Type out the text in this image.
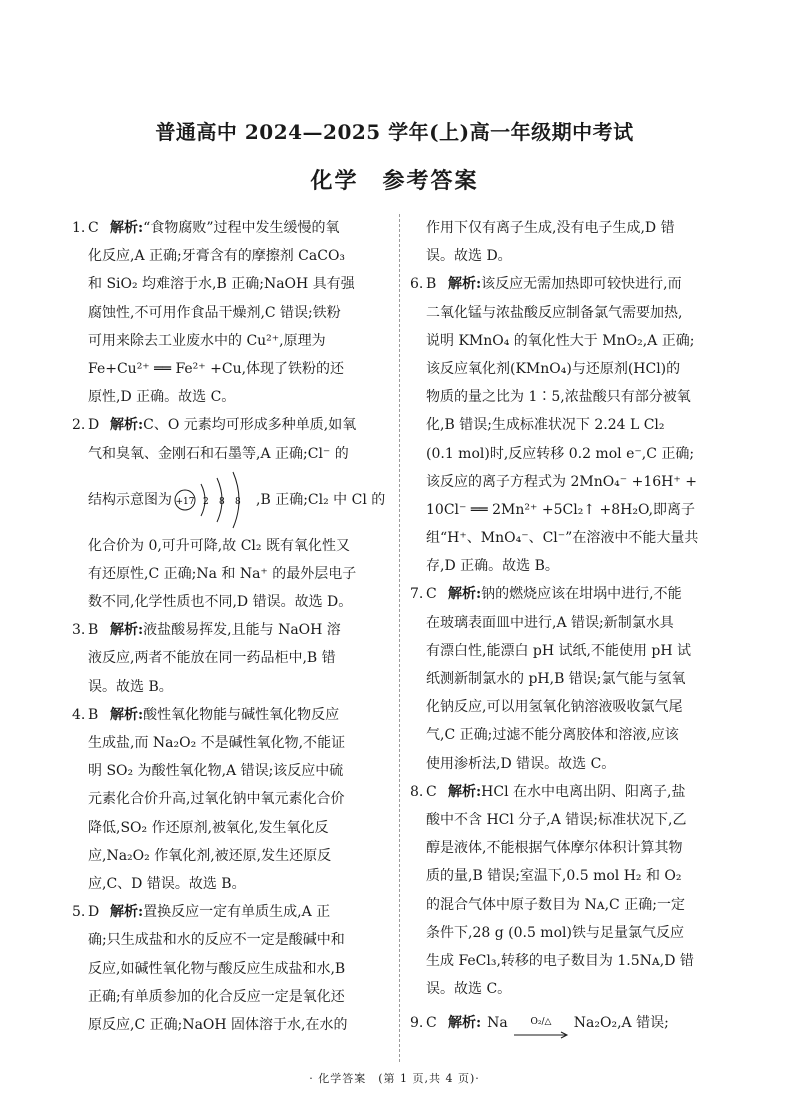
普通高中 2024—2025 学年(上)高一年级期中考试
化学　参考答案
1. C 解析:“食物腐败”过程中发生缓慢的氧
化反应,A 正确;牙膏含有的摩擦剂 CaCO₃
和 SiO₂ 均难溶于水,B 正确;NaOH 具有强
腐蚀性,不可用作食品干燥剂,C 错误;铁粉
可用来除去工业废水中的 Cu²⁺,原理为
Fe+Cu²⁺ ══ Fe²⁺ +Cu,体现了铁粉的还
原性,D 正确。故选 C。
2. D 解析:C、O 元素均可形成多种单质,如氧
气和臭氧、金刚石和石墨等,A 正确;Cl⁻ 的
结构示意图为 +17 2 8 8 ,B 正确;Cl₂ 中 Cl 的
化合价为 0,可升可降,故 Cl₂ 既有氧化性又
有还原性,C 正确;Na 和 Na⁺ 的最外层电子
数不同,化学性质也不同,D 错误。故选 D。
3. B 解析:液盐酸易挥发,且能与 NaOH 溶
液反应,两者不能放在同一药品柜中,B 错
误。故选 B。
4. B 解析:酸性氧化物能与碱性氧化物反应
生成盐,而 Na₂O₂ 不是碱性氧化物,不能证
明 SO₂ 为酸性氧化物,A 错误;该反应中硫
元素化合价升高,过氧化钠中氧元素化合价
降低,SO₂ 作还原剂,被氧化,发生氧化反
应,Na₂O₂ 作氧化剂,被还原,发生还原反
应,C、D 错误。故选 B。
5. D 解析:置换反应一定有单质生成,A 正
确;只生成盐和水的反应不一定是酸碱中和
反应,如碱性氧化物与酸反应生成盐和水,B
正确;有单质参加的化合反应一定是氧化还
原反应,C 正确;NaOH 固体溶于水,在水的
作用下仅有离子生成,没有电子生成,D 错
误。故选 D。
6. B 解析:该反应无需加热即可较快进行,而
二氧化锰与浓盐酸反应制备氯气需要加热,
说明 KMnO₄ 的氧化性大于 MnO₂,A 正确;
该反应氧化剂(KMnO₄)与还原剂(HCl)的
物质的量之比为 1∶5,浓盐酸只有部分被氧
化,B 错误;生成标准状况下 2.24 L Cl₂
(0.1 mol)时,反应转移 0.2 mol e⁻,C 正确;
该反应的离子方程式为 2MnO₄⁻ +16H⁺ +
10Cl⁻ ══ 2Mn²⁺ +5Cl₂↑ +8H₂O,即离子
组“H⁺、MnO₄⁻、Cl⁻”在溶液中不能大量共
存,D 正确。故选 B。
7. C 解析:钠的燃烧应该在坩埚中进行,不能
在玻璃表面皿中进行,A 错误;新制氯水具
有漂白性,能漂白 pH 试纸,不能使用 pH 试
纸测新制氯水的 pH,B 错误;氯气能与氢氧
化钠反应,可以用氢氧化钠溶液吸收氯气尾
气,C 正确;过滤不能分离胶体和溶液,应该
使用渗析法,D 错误。故选 C。
8. C 解析:HCl 在水中电离出阴、阳离子,盐
酸中不含 HCl 分子,A 错误;标准状况下,乙
醇是液体,不能根据气体摩尔体积计算其物
质的量,B 错误;室温下,0.5 mol H₂ 和 O₂
的混合气体中原子数目为 Nᴀ,C 正确;一定
条件下,28 g (0.5 mol)铁与足量氯气反应
生成 FeCl₃,转移的电子数目为 1.5Nᴀ,D 错
误。故选 C。
9. C 解析: Na	O₂/△ Na₂O₂,A 错误;
· 化学答案　(第 1 页,共 4 页)·
